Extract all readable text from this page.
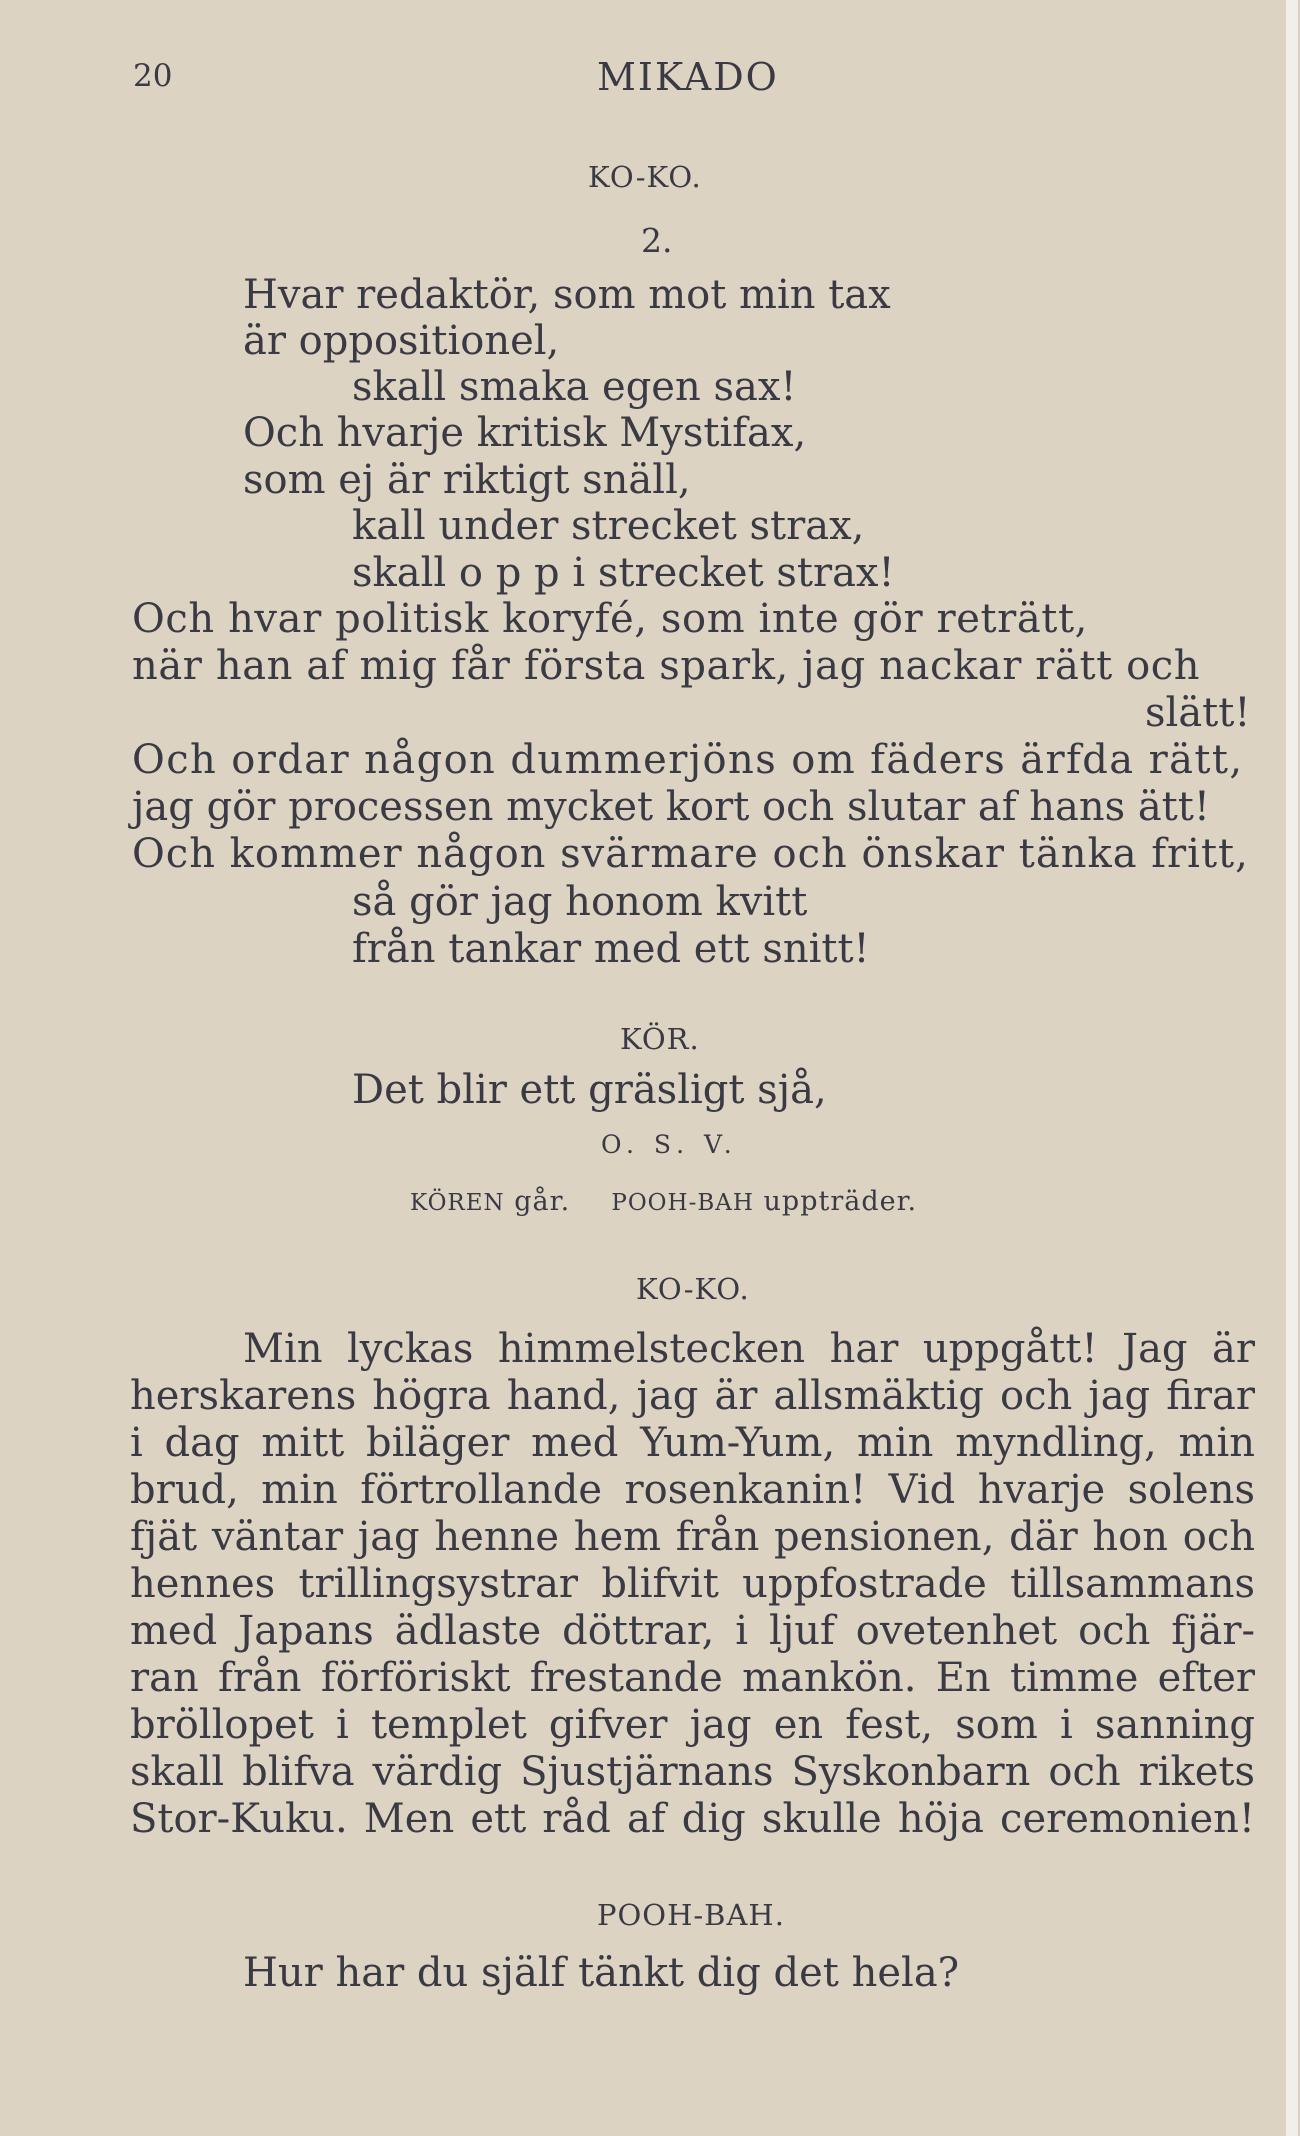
20	MIKADO
KO-KO.
2.
Hvar redaktör, som mot min tax
är oppositionel,
skall smaka egen sax!
Och hvarje kritisk Mystifax,
som ej är riktigt snäll,
kall under strecket strax,
skall o p p i strecket strax!
Och hvar politisk koryfé, som inte gör reträtt,
när han af mig får första spark, jag nackar rätt och
slätt!
Och ordar någon dummerjöns om fäders ärfda rätt,
jag gör processen mycket kort och slutar af hans ätt!
Och kommer någon svärmare och önskar tänka fritt,
så gör jag honom kvitt
från tankar med ett snitt!
KÖR.
Det blir ett gräsligt sjå,
O. S. V.
KÖREN går. POOH-BAH uppträder.
KO-KO.
Min lyckas himmelstecken har uppgått! Jag är
herskarens högra hand, jag är allsmäktig och jag firar
i dag mitt biläger med Yum-Yum, min myndling, min
brud, min förtrollande rosenkanin! Vid hvarje solens
fjät väntar jag henne hem från pensionen, där hon och
hennes trillingsystrar blifvit uppfostrade tillsammans
med Japans ädlaste döttrar, i ljuf ovetenhet och fjär-
ran från förföriskt frestande mankön. En timme efter
bröllopet i templet gifver jag en fest, som i sanning
skall blifva värdig Sjustjärnans Syskonbarn och rikets
Stor-Kuku. Men ett råd af dig skulle höja ceremonien!
POOH-BAH.
Hur har du själf tänkt dig det hela?
